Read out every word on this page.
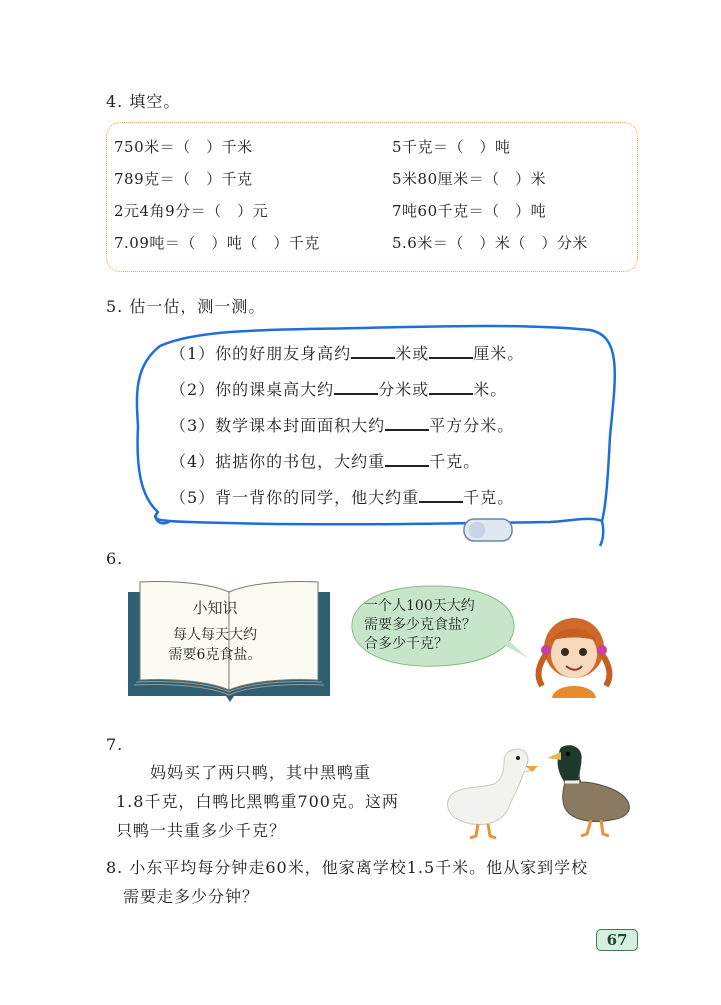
4. 填空。
750米＝（　）千米	5千克＝（　）吨
789克＝（　）千克	5米80厘米＝（　）米
2元4角9分＝（　）元	7吨60千克＝（　）吨
7.09吨＝（　）吨（　）千克	5.6米＝（　）米（　）分米
5. 估一估，测一测。
（1）你的好朋友身高约	米或	厘米。
（2）你的课桌高大约	分米或	米。
（3）数学课本封面面积大约	平方分米。
（4）掂掂你的书包，大约重	千克。
（5）背一背你的同学，他大约重	千克。
6.
小知识
每人每天大约
需要6克食盐。
一个人100天大约
需要多少克食盐？
合多少千克？
7.
　　妈妈买了两只鸭，其中黑鸭重
1.8千克，白鸭比黑鸭重700克。这两
只鸭一共重多少千克？
8. 小东平均每分钟走60米，他家离学校1.5千米。他从家到学校
　需要走多少分钟？
67
